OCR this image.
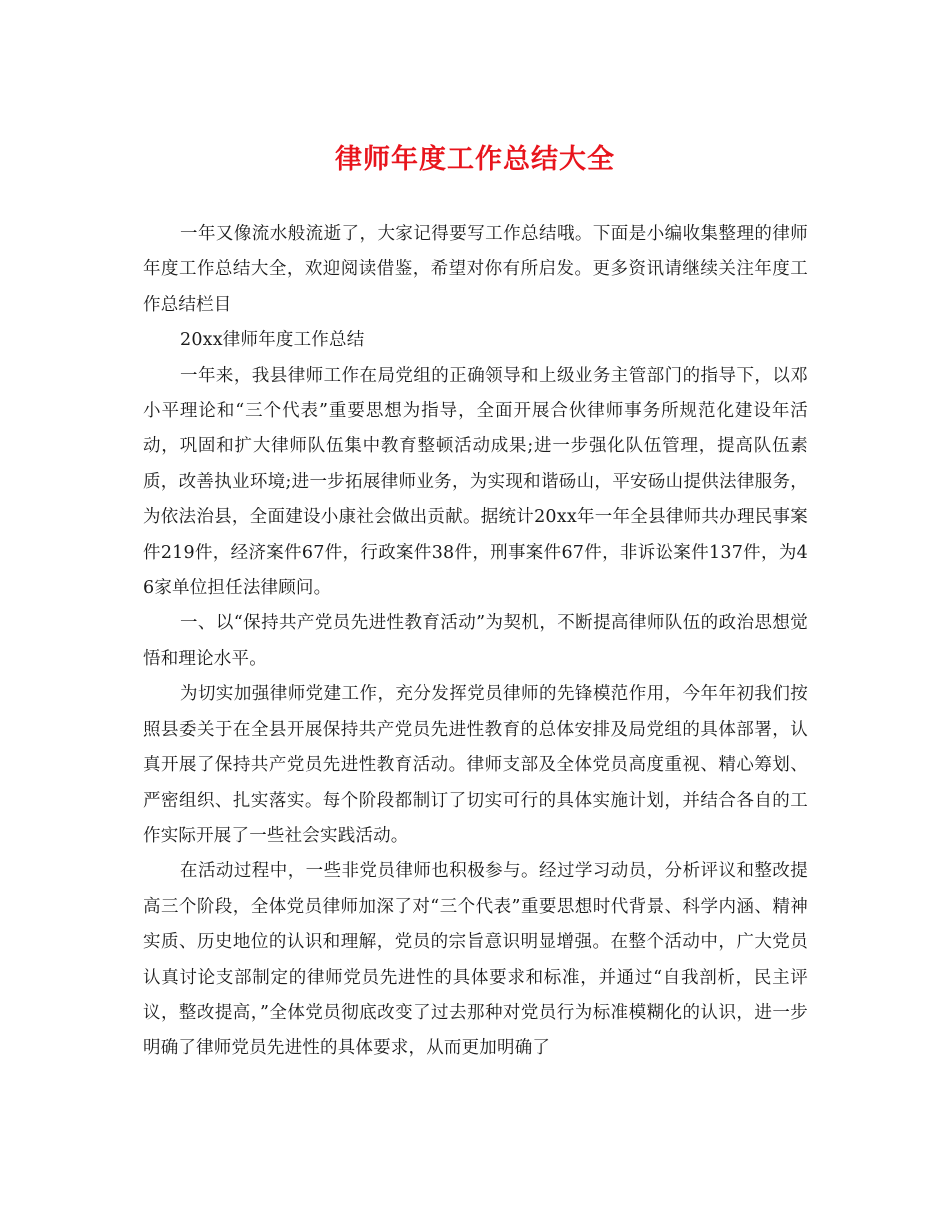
律师年度工作总结大全

一年又像流水般流逝了，大家记得要写工作总结哦。下面是小编收集整理的律师年度工作总结大全，欢迎阅读借鉴，希望对你有所启发。更多资讯请继续关注年度工作总结栏目

20xx律师年度工作总结

一年来，我县律师工作在局党组的正确领导和上级业务主管部门的指导下，以邓小平理论和“三个代表”重要思想为指导，全面开展合伙律师事务所规范化建设年活动，巩固和扩大律师队伍集中教育整顿活动成果;进一步强化队伍管理，提高队伍素质，改善执业环境;进一步拓展律师业务，为实现和谐砀山，平安砀山提供法律服务，为依法治县，全面建设小康社会做出贡献。据统计20xx年一年全县律师共办理民事案件219件，经济案件67件，行政案件38件，刑事案件67件，非诉讼案件137件，为46家单位担任法律顾问。

一、以“保持共产党员先进性教育活动”为契机，不断提高律师队伍的政治思想觉悟和理论水平。

为切实加强律师党建工作，充分发挥党员律师的先锋模范作用，今年年初我们按照县委关于在全县开展保持共产党员先进性教育的总体安排及局党组的具体部署，认真开展了保持共产党员先进性教育活动。律师支部及全体党员高度重视、精心筹划、严密组织、扎实落实。每个阶段都制订了切实可行的具体实施计划，并结合各自的工作实际开展了一些社会实践活动。

在活动过程中，一些非党员律师也积极参与。经过学习动员，分析评议和整改提高三个阶段，全体党员律师加深了对“三个代表”重要思想时代背景、科学内涵、精神实质、历史地位的认识和理解，党员的宗旨意识明显增强。在整个活动中，广大党员认真讨论支部制定的律师党员先进性的具体要求和标准，并通过“自我剖析，民主评议，整改提高，”全体党员彻底改变了过去那种对党员行为标准模糊化的认识，进一步明确了律师党员先进性的具体要求，从而更加明确了
